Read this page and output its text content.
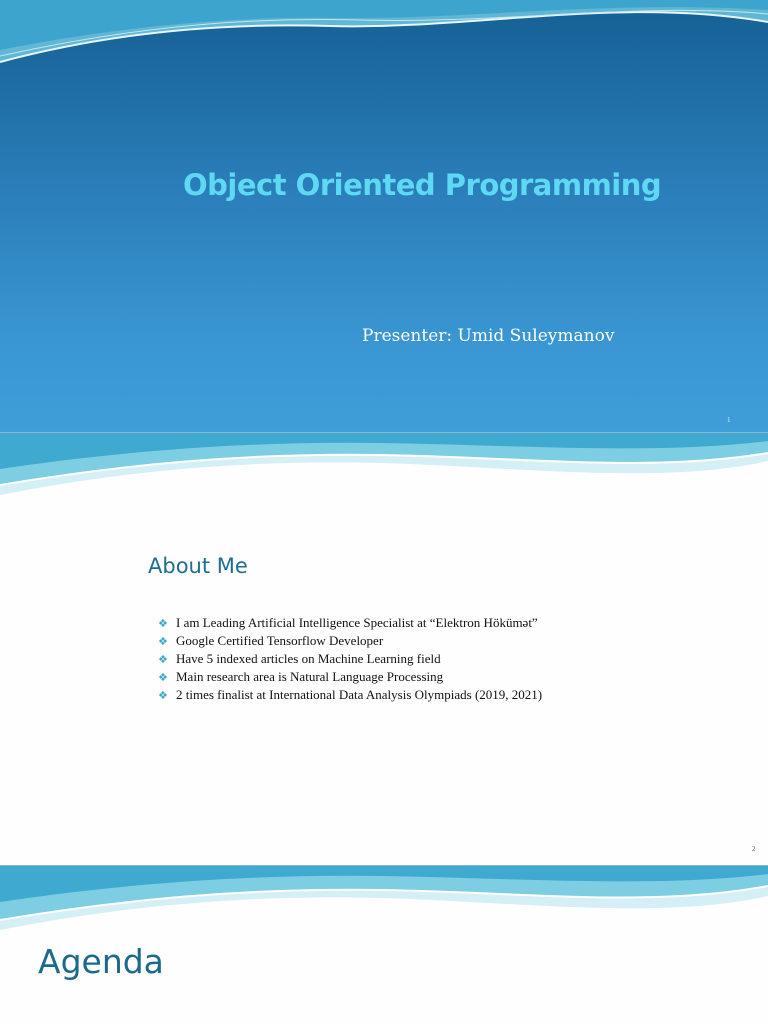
Object Oriented Programming
Presenter: Umid Suleymanov
1
About Me
❖ I am Leading Artificial Intelligence Specialist at “Elektron Hökümət”
❖ Google Certified Tensorflow Developer
❖ Have 5 indexed articles on Machine Learning field
❖ Main research area is Natural Language Processing
❖ 2 times finalist at International Data Analysis Olympiads (2019, 2021)
2
Agenda
